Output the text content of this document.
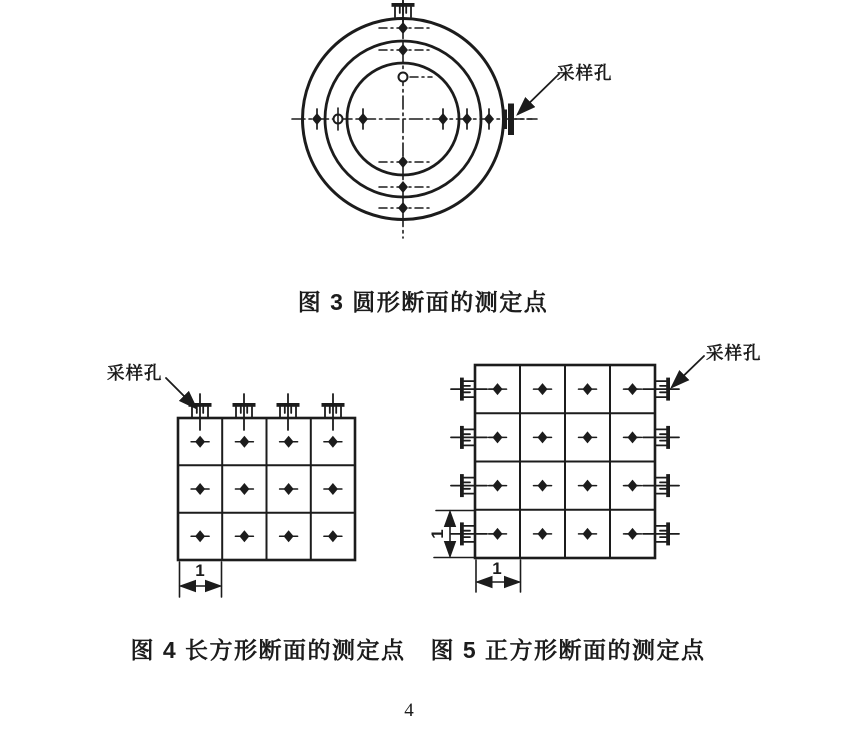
采样孔
图 3 圆形断面的测定点
采样孔
1
图 4 长方形断面的测定点
采样孔
1
1
图 5 正方形断面的测定点
4
